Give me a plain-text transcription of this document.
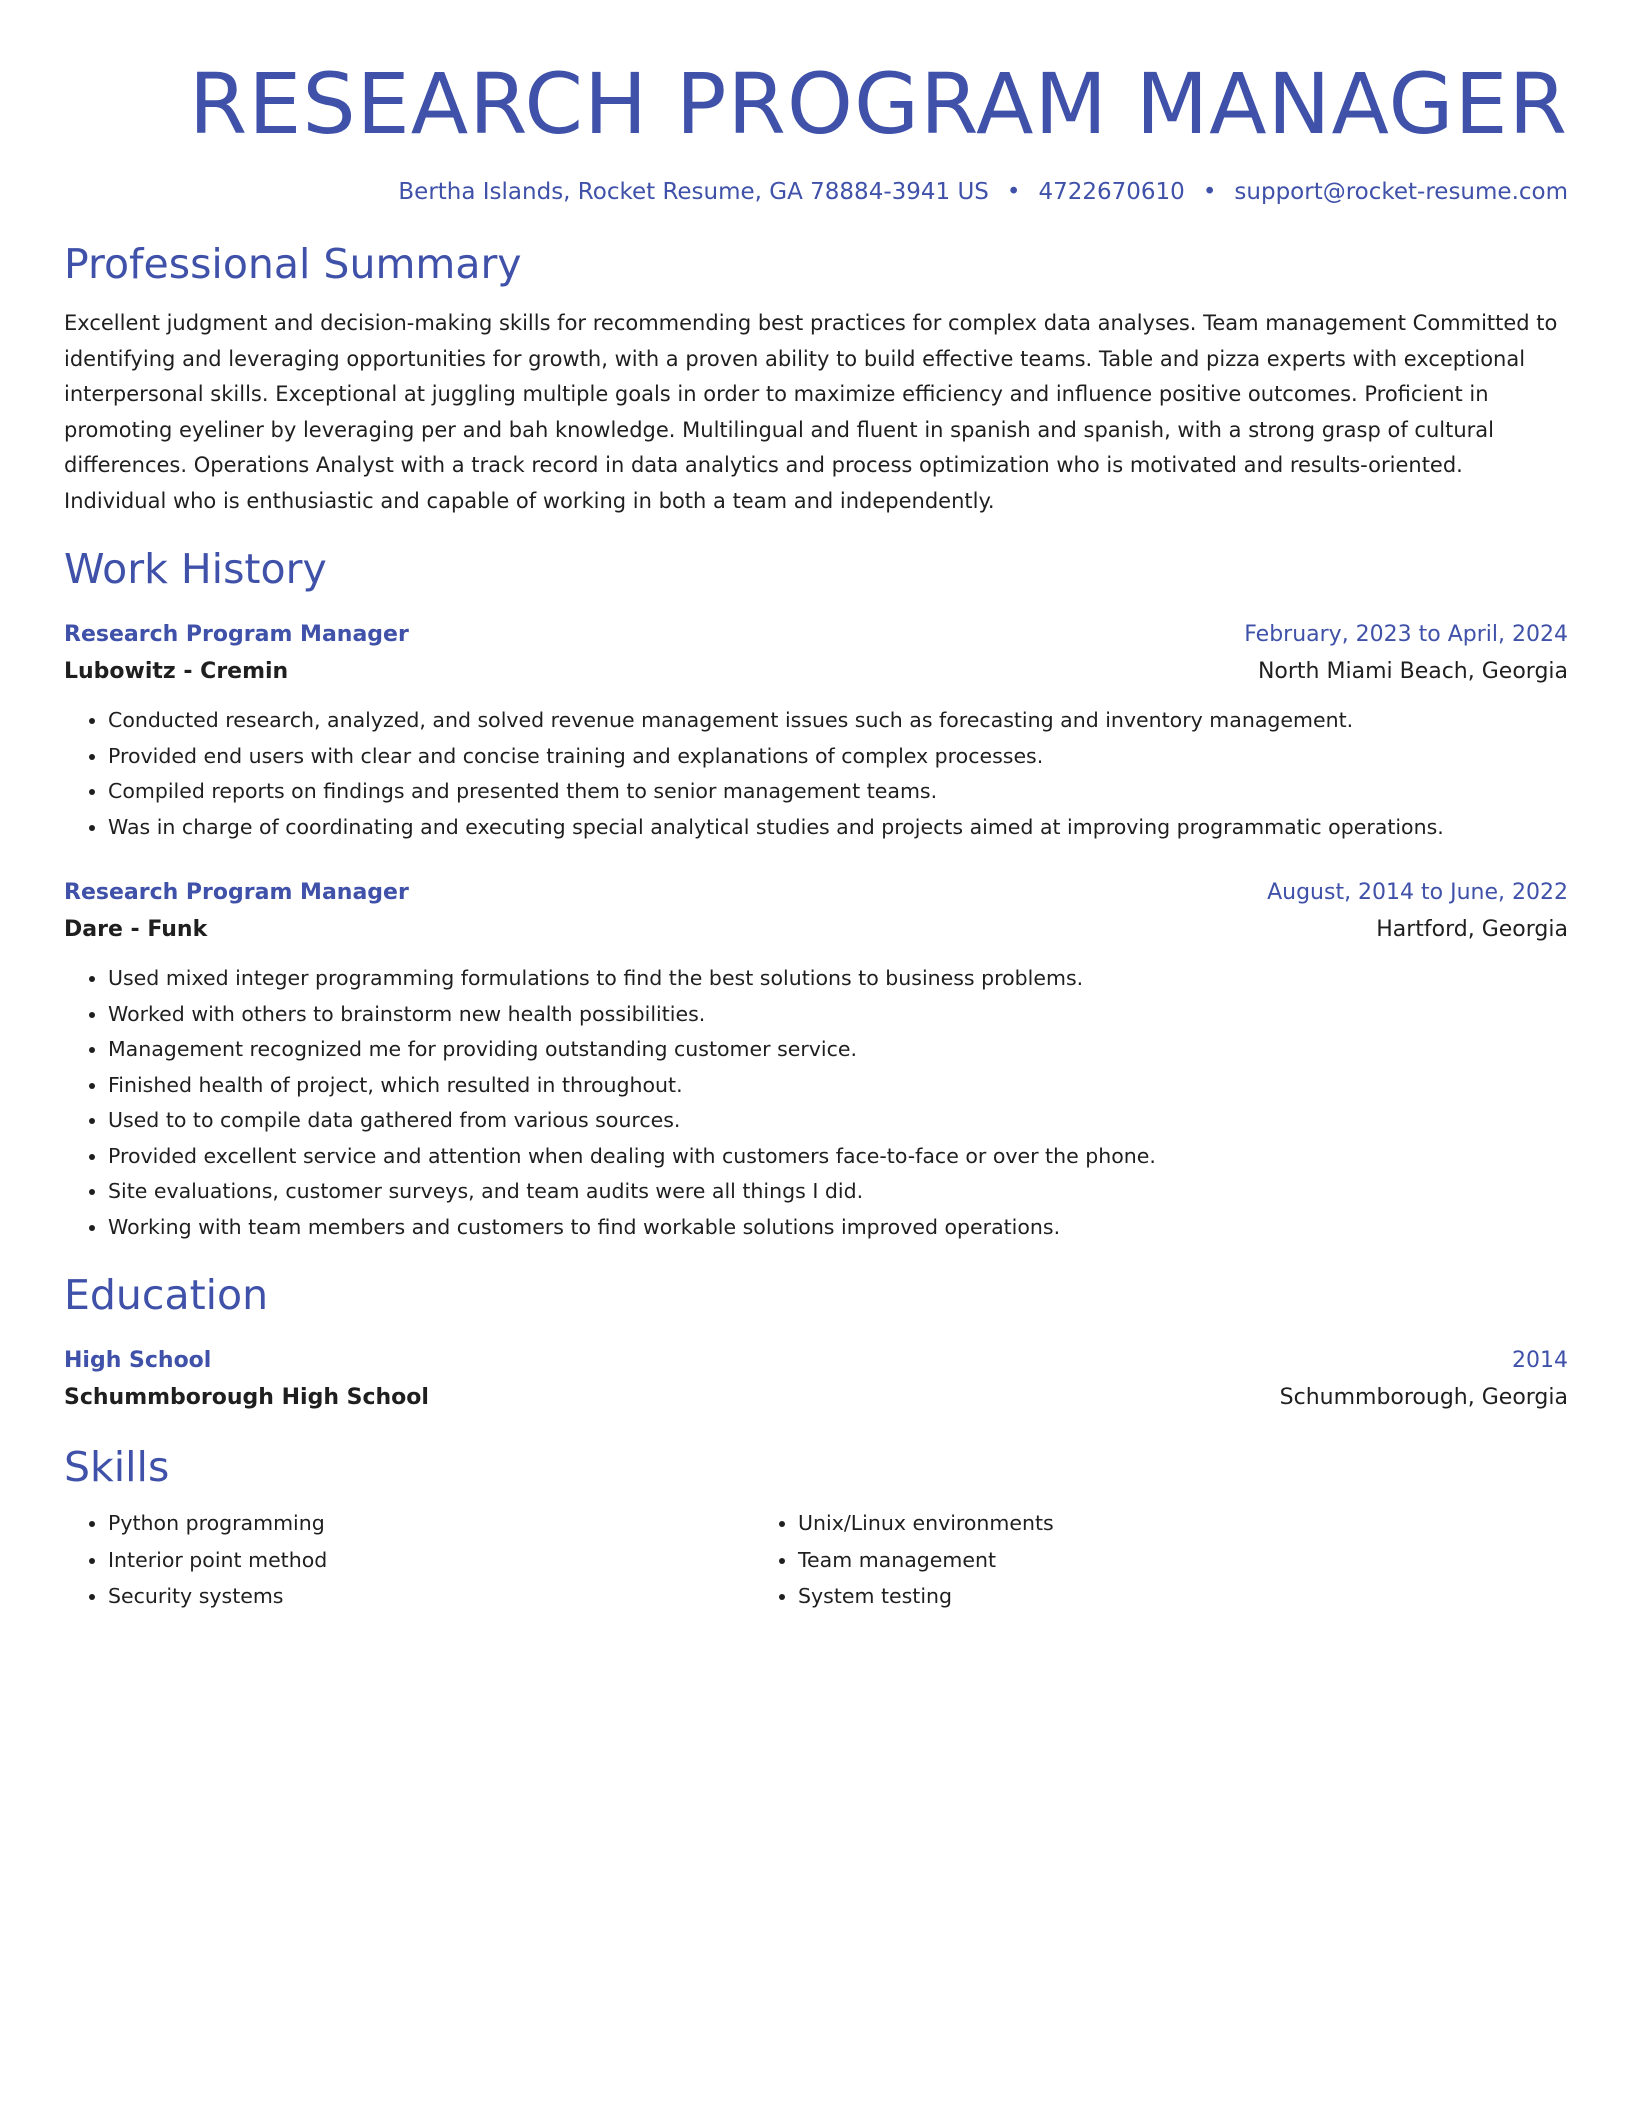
RESEARCH PROGRAM MANAGER
Bertha Islands, Rocket Resume, GA 78884-3941 US • 4722670610 • support@rocket-resume.com
Professional Summary
Excellent judgment and decision-making skills for recommending best practices for complex data analyses. Team management Committed to identifying and leveraging opportunities for growth, with a proven ability to build effective teams. Table and pizza experts with exceptional interpersonal skills. Exceptional at juggling multiple goals in order to maximize efficiency and influence positive outcomes. Proficient in promoting eyeliner by leveraging per and bah knowledge. Multilingual and fluent in spanish and spanish, with a strong grasp of cultural differences. Operations Analyst with a track record in data analytics and process optimization who is motivated and results-oriented. Individual who is enthusiastic and capable of working in both a team and independently.
Work History
Research Program Manager	February, 2023 to April, 2024
Lubowitz - Cremin	North Miami Beach, Georgia
• Conducted research, analyzed, and solved revenue management issues such as forecasting and inventory management.
• Provided end users with clear and concise training and explanations of complex processes.
• Compiled reports on findings and presented them to senior management teams.
• Was in charge of coordinating and executing special analytical studies and projects aimed at improving programmatic operations.
Research Program Manager	August, 2014 to June, 2022
Dare - Funk	Hartford, Georgia
• Used mixed integer programming formulations to find the best solutions to business problems.
• Worked with others to brainstorm new health possibilities.
• Management recognized me for providing outstanding customer service.
• Finished health of project, which resulted in throughout.
• Used to to compile data gathered from various sources.
• Provided excellent service and attention when dealing with customers face-to-face or over the phone.
• Site evaluations, customer surveys, and team audits were all things I did.
• Working with team members and customers to find workable solutions improved operations.
Education
High School	2014
Schummborough High School	Schummborough, Georgia
Skills
• Python programming
• Interior point method
• Security systems
• Unix/Linux environments
• Team management
• System testing
